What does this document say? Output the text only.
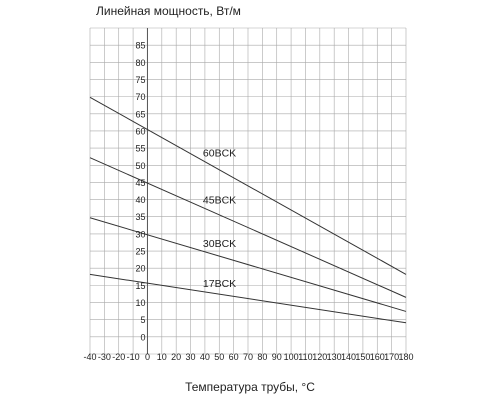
Линейная мощность, Вт/м
0
5
10
15
20
25
30
35
40
45
50
55
60
65
70
75
80
85
-40 -30 -20 -10 0 10 20 30 40 50 60 70 80 90 100 110 120 130 140 150 160 170 180
60BCK
45BCK
30BCK
17BCK
Температура трубы, °С
